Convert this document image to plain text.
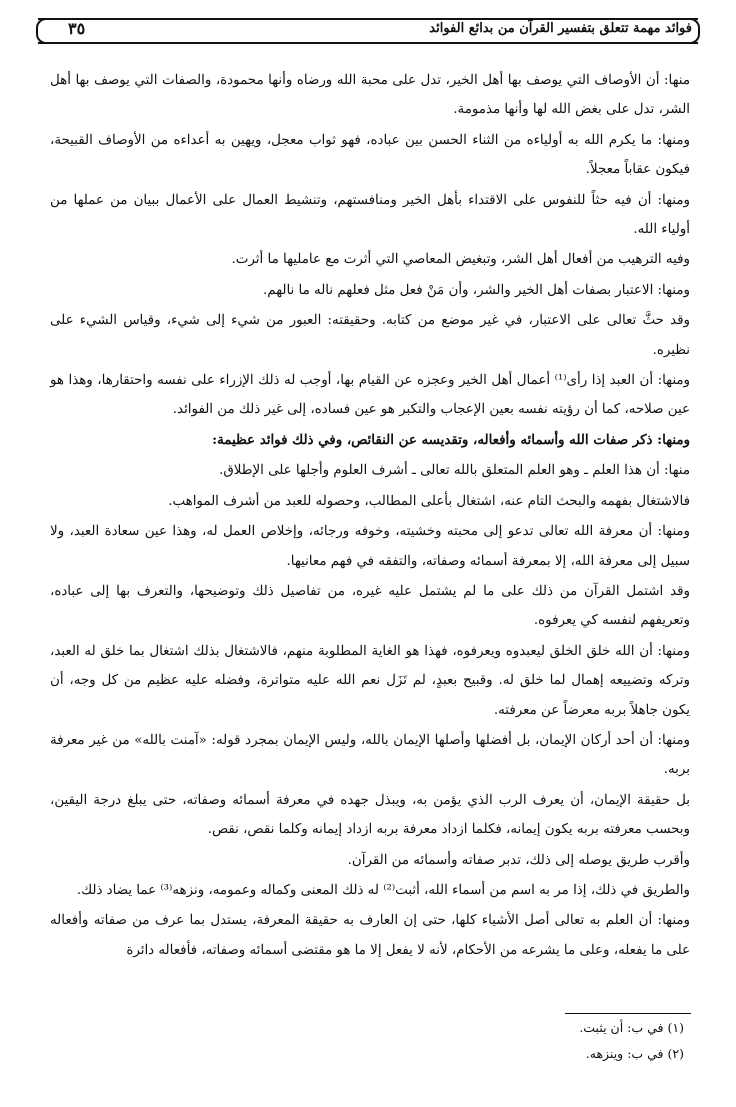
فوائد مهمة تتعلق بتفسير القرآن من بدائع الفوائد
٣٥

منها: أن الأوصاف التي يوصف بها أهل الخير، تدل على محبة الله ورضاه وأنها محمودة، والصفات التي يوصف بها أهل الشر، تدل على بغض الله لها وأنها مذمومة.

ومنها: ما يكرم الله به أولياءه من الثناء الحسن بين عباده، فهو ثواب معجل، ويهين به أعداءه من الأوصاف القبيحة، فيكون عقاباً معجلاً.

ومنها: أن فيه حثاً للنفوس على الاقتداء بأهل الخير ومنافستهم، وتنشيط العمال على الأعمال ببيان من عملها من أولياء الله.

وفيه الترهيب من أفعال أهل الشر، وتبغيض المعاصي التي أثرت مع عامليها ما أثرت.

ومنها: الاعتبار بصفات أهل الخير والشر، وأن مَنْ فعل مثل فعلهم ناله ما نالهم.

وقد حثَّ تعالى على الاعتبار، في غير موضع من كتابه. وحقيقته: العبور من شيء إلى شيء، وقياس الشيء على نظيره.

ومنها: أن العبد إذا رأى⁽¹⁾ أعمال أهل الخير وعجزه عن القيام بها، أوجب له ذلك الإزراء على نفسه واحتقارها، وهذا هو عين صلاحه، كما أن رؤيته نفسه بعين الإعجاب والتكبر هو عين فساده، إلى غير ذلك من الفوائد.

ومنها: ذكر صفات الله وأسمائه وأفعاله، وتقديسه عن النقائص، وفي ذلك فوائد عظيمة:

منها: أن هذا العلم ـ وهو العلم المتعلق بالله تعالى ـ أشرف العلوم وأجلها على الإطلاق.

فالاشتغال بفهمه والبحث التام عنه، اشتغال بأعلى المطالب، وحصوله للعبد من أشرف المواهب.

ومنها: أن معرفة الله تعالى تدعو إلى محبته وخشيته، وخوفه ورجائه، وإخلاص العمل له، وهذا عين سعادة العبد، ولا سبيل إلى معرفة الله، إلا بمعرفة أسمائه وصفاته، والتفقه في فهم معانيها.

وقد اشتمل القرآن من ذلك على ما لم يشتمل عليه غيره، من تفاصيل ذلك وتوضيحها، والتعرف بها إلى عباده، وتعريفهم لنفسه كي يعرفوه.

ومنها: أن الله خلق الخلق ليعبدوه ويعرفوه، فهذا هو الغاية المطلوبة منهم، فالاشتغال بذلك اشتغال بما خلق له العبد، وتركه وتضييعه إهمال لما خلق له. وقبيح بعبدٍ، لم تَزَل نعم الله عليه متواترة، وفضله عليه عظيم من كل وجه، أن يكون جاهلاً بربه معرضاً عن معرفته.

ومنها: أن أحد أركان الإيمان، بل أفضلها وأصلها الإيمان بالله، وليس الإيمان بمجرد قوله: «آمنت بالله» من غير معرفة بربه.

بل حقيقة الإيمان، أن يعرف الرب الذي يؤمن به، ويبذل جهده في معرفة أسمائه وصفاته، حتى يبلغ درجة اليقين، وبحسب معرفته بربه يكون إيمانه، فكلما ازداد معرفة بربه ازداد إيمانه وكلما نقص، نقص.

وأقرب طريق يوصله إلى ذلك، تدبر صفاته وأسمائه من القرآن.

والطريق في ذلك، إذا مر به اسم من أسماء الله، أثبت⁽²⁾ له ذلك المعنى وكماله وعمومه، ونزهه⁽³⁾ عما يضاد ذلك.

ومنها: أن العلم به تعالى أصل الأشياء كلها، حتى إن العارف به حقيقة المعرفة، يستدل بما عرف من صفاته وأفعاله على ما يفعله، وعلى ما يشرعه من الأحكام، لأنه لا يفعل إلا ما هو مقتضى أسمائه وصفاته، فأفعاله دائرة

(١) في ب: أن يثبت.
(٢) في ب: وينزهه.
